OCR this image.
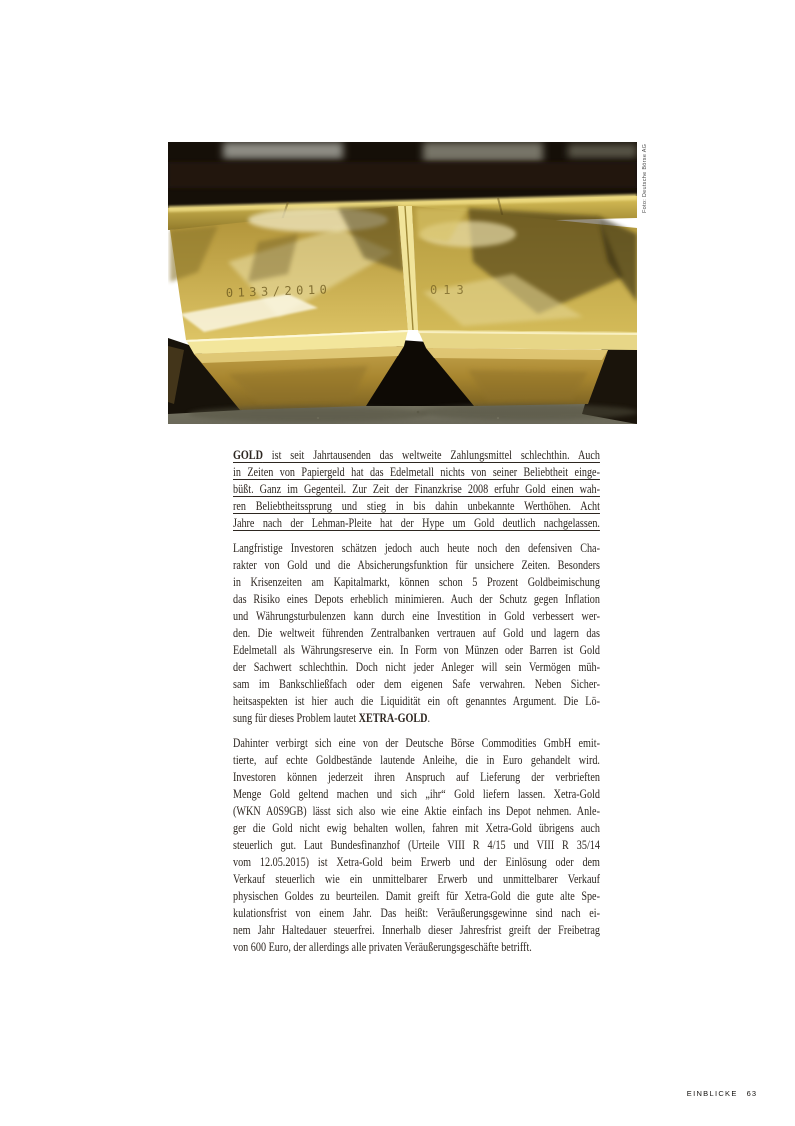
0133/2010	013
Foto: Deutsche Börse AG
GOLD ist seit Jahrtausenden das weltweite Zahlungsmittel schlechthin. Auch
in Zeiten von Papiergeld hat das Edelmetall nichts von seiner Beliebtheit einge-
büßt. Ganz im Gegenteil. Zur Zeit der Finanzkrise 2008 erfuhr Gold einen wah-
ren Beliebtheitssprung und stieg in bis dahin unbekannte Werthöhen. Acht
Jahre nach der Lehman-Pleite hat der Hype um Gold deutlich nachgelassen.
Langfristige Investoren schätzen jedoch auch heute noch den defensiven Cha-
rakter von Gold und die Absicherungsfunktion für unsichere Zeiten. Besonders
in Krisenzeiten am Kapitalmarkt, können schon 5 Prozent Goldbeimischung
das Risiko eines Depots erheblich minimieren. Auch der Schutz gegen Inflation
und Währungsturbulenzen kann durch eine Investition in Gold verbessert wer-
den. Die weltweit führenden Zentralbanken vertrauen auf Gold und lagern das
Edelmetall als Währungsreserve ein. In Form von Münzen oder Barren ist Gold
der Sachwert schlechthin. Doch nicht jeder Anleger will sein Vermögen müh-
sam im Bankschließfach oder dem eigenen Safe verwahren. Neben Sicher-
heitsaspekten ist hier auch die Liquidität ein oft genanntes Argument. Die Lö-
sung für dieses Problem lautet XETRA-GOLD.
Dahinter verbirgt sich eine von der Deutsche Börse Commodities GmbH emit-
tierte, auf echte Goldbestände lautende Anleihe, die in Euro gehandelt wird.
Investoren können jederzeit ihren Anspruch auf Lieferung der verbrieften
Menge Gold geltend machen und sich „ihr“ Gold liefern lassen. Xetra-Gold
(WKN A0S9GB) lässt sich also wie eine Aktie einfach ins Depot nehmen. Anle-
ger die Gold nicht ewig behalten wollen, fahren mit Xetra-Gold übrigens auch
steuerlich gut. Laut Bundesfinanzhof (Urteile VIII R 4/15 und VIII R 35/14
vom 12.05.2015) ist Xetra-Gold beim Erwerb und der Einlösung oder dem
Verkauf steuerlich wie ein unmittelbarer Erwerb und unmittelbarer Verkauf
physischen Goldes zu beurteilen. Damit greift für Xetra-Gold die gute alte Spe-
kulationsfrist von einem Jahr. Das heißt: Veräußerungsgewinne sind nach ei-
nem Jahr Haltedauer steuerfrei. Innerhalb dieser Jahresfrist greift der Freibetrag
von 600 Euro, der allerdings alle privaten Veräußerungsgeschäfte betrifft.
EINBLICKE 63
